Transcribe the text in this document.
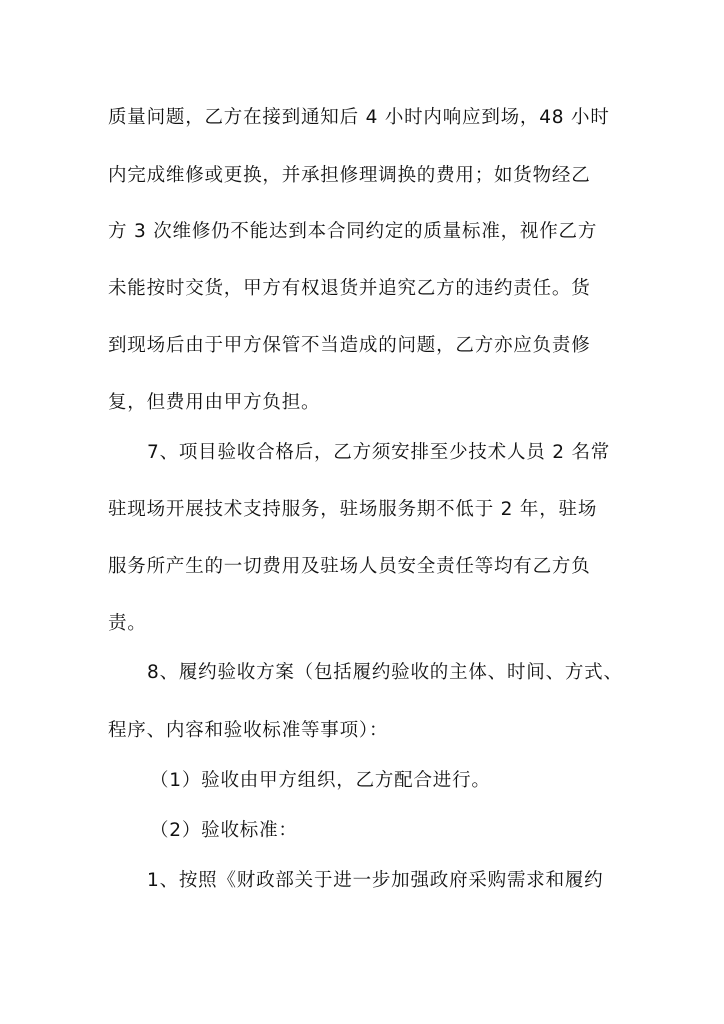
质量问题，乙方在接到通知后 4 小时内响应到场，48 小时
内完成维修或更换，并承担修理调换的费用；如货物经乙
方 3 次维修仍不能达到本合同约定的质量标准，视作乙方
未能按时交货，甲方有权退货并追究乙方的违约责任。货
到现场后由于甲方保管不当造成的问题，乙方亦应负责修
复，但费用由甲方负担。
7、项目验收合格后，乙方须安排至少技术人员 2 名常
驻现场开展技术支持服务，驻场服务期不低于 2 年，驻场
服务所产生的一切费用及驻场人员安全责任等均有乙方负
责。
8、履约验收方案（包括履约验收的主体、时间、方式、
程序、内容和验收标准等事项）：
（1）验收由甲方组织，乙方配合进行。
（2）验收标准：
1、按照《财政部关于进一步加强政府采购需求和履约
